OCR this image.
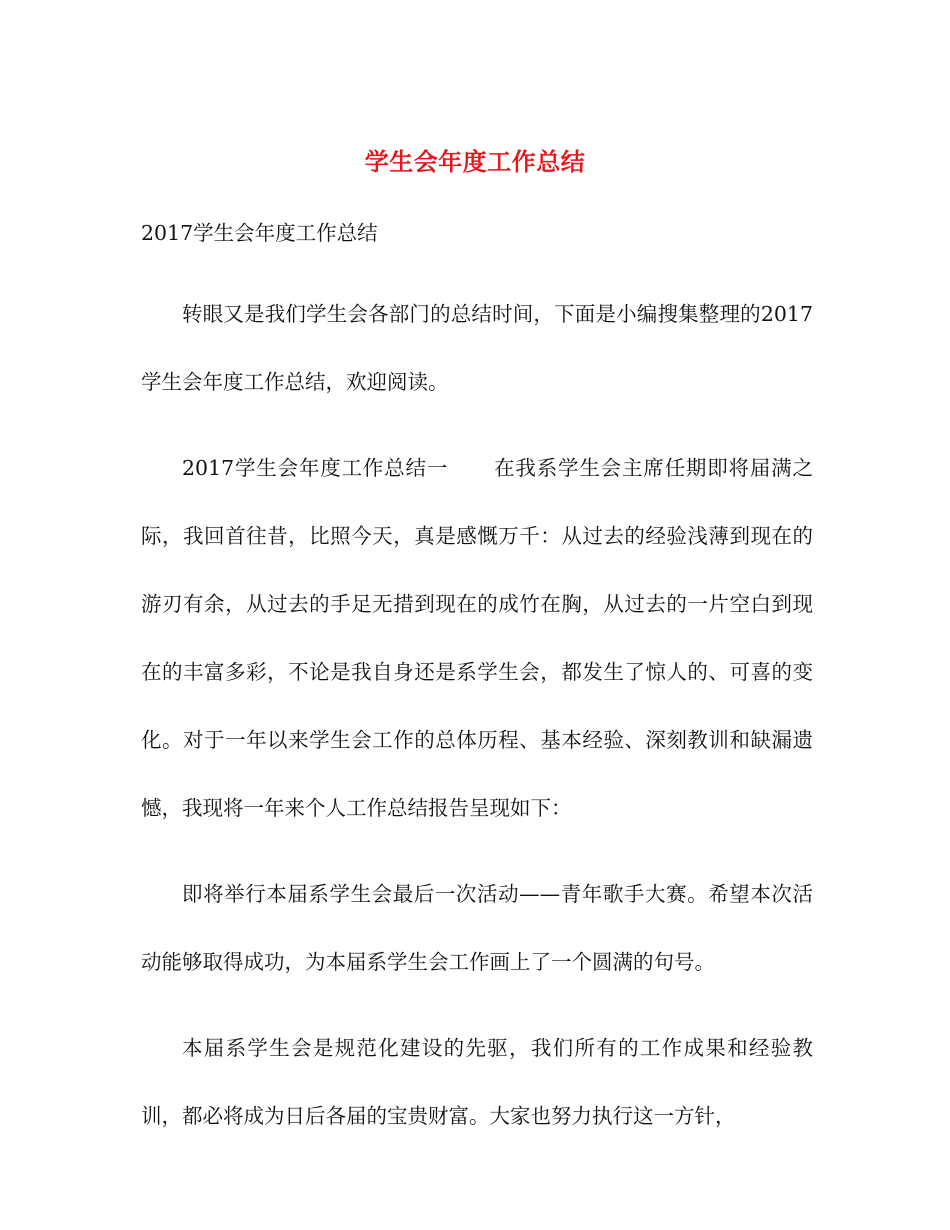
学生会年度工作总结

2017学生会年度工作总结

转眼又是我们学生会各部门的总结时间，下面是小编搜集整理的2017学生会年度工作总结，欢迎阅读。

2017学生会年度工作总结一 在我系学生会主席任期即将届满之际，我回首往昔，比照今天，真是感慨万千：从过去的经验浅薄到现在的游刃有余，从过去的手足无措到现在的成竹在胸，从过去的一片空白到现在的丰富多彩，不论是我自身还是系学生会，都发生了惊人的、可喜的变化。对于一年以来学生会工作的总体历程、基本经验、深刻教训和缺漏遗憾，我现将一年来个人工作总结报告呈现如下：

即将举行本届系学生会最后一次活动——青年歌手大赛。希望本次活动能够取得成功，为本届系学生会工作画上了一个圆满的句号。

本届系学生会是规范化建设的先驱，我们所有的工作成果和经验教训，都必将成为日后各届的宝贵财富。大家也努力执行这一方针，
